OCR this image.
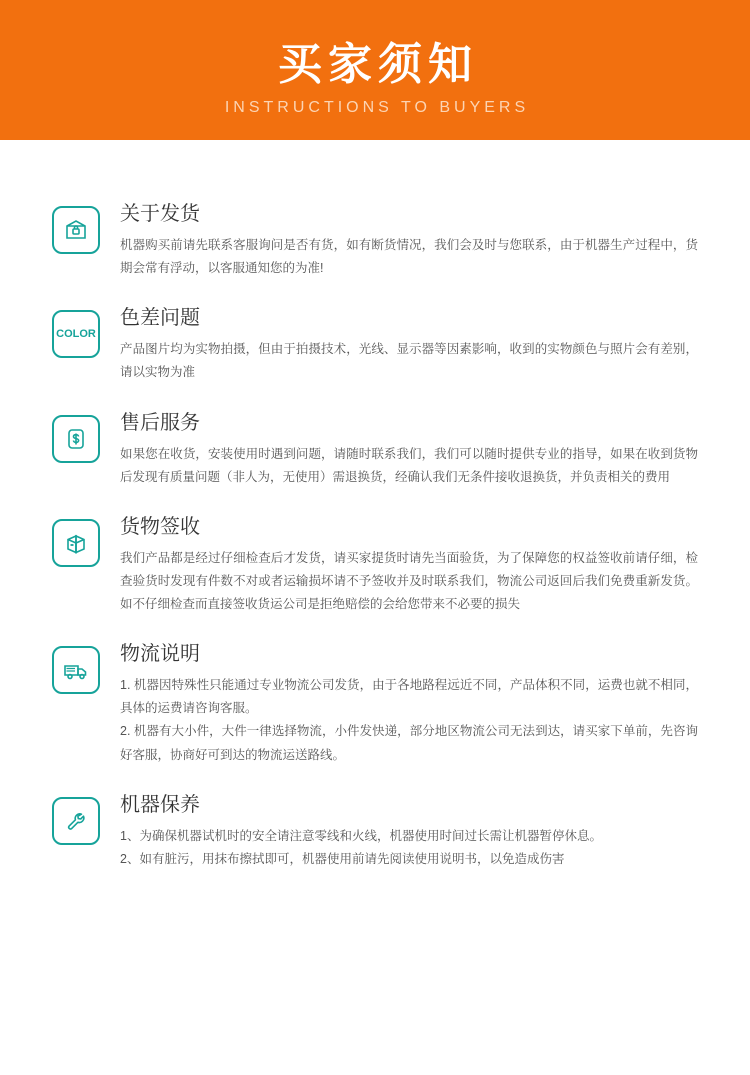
买家须知
INSTRUCTIONS TO BUYERS
关于发货

机器购买前请先联系客服询问是否有货，如有断货情况，我们会及时与您联系，由于机器生产过程中，货期会常有浮动，以客服通知您的为准!

COLOR
色差问题

产品图片均为实物拍摄，但由于拍摄技术，光线、显示器等因素影响，收到的实物颜色与照片会有差别，请以实物为准

售后服务

如果您在收货，安装使用时遇到问题，请随时联系我们，我们可以随时提供专业的指导，如果在收到货物后发现有质量问题（非人为，无使用）需退换货，经确认我们无条件接收退换货，并负责相关的费用

货物签收

我们产品都是经过仔细检查后才发货，请买家提货时请先当面验货，为了保障您的权益签收前请仔细，检查验货时发现有件数不对或者运输损坏请不予签收并及时联系我们，物流公司返回后我们免费重新发货。如不仔细检查而直接签收货运公司是拒绝赔偿的会给您带来不必要的损失

物流说明

1. 机器因特殊性只能通过专业物流公司发货，由于各地路程远近不同，产品体积不同，运费也就不相同，具体的运费请咨询客服。

2. 机器有大小件，大件一律选择物流，小件发快递，部分地区物流公司无法到达，请买家下单前，先咨询好客服，协商好可到达的物流运送路线。

机器保养

1、为确保机器试机时的安全请注意零线和火线，机器使用时间过长需让机器暂停休息。

2、如有脏污，用抹布擦拭即可，机器使用前请先阅读使用说明书，以免造成伤害
